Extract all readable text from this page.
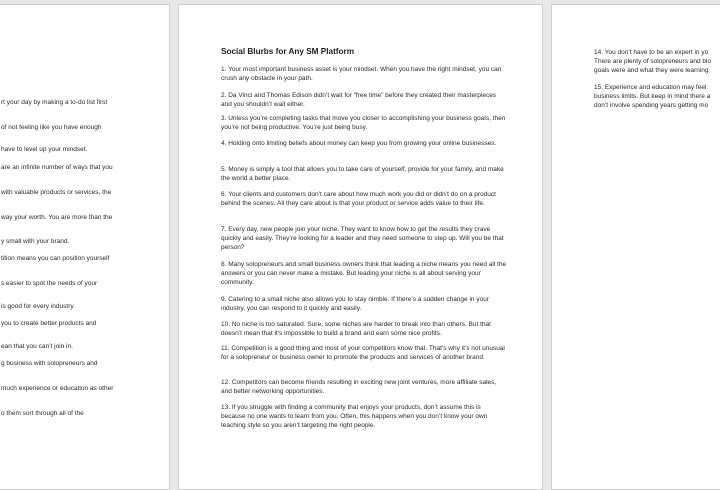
rt your day by making a to-do list first

of not feeling like you have enough

have to level up your mindset.

are an infinite number of ways that you

with valuable products or services, the

way your worth. You are more than the

y small with your brand.

tition means you can position yourself

s easier to spot the needs of your

is good for every industry.

you to create better products and

ean that you can’t join in.

g business with solopreneurs and

much experience or education as other

o them sort through all of the

Social Blurbs for Any SM Platform

1. Your most important business asset is your mindset. When you have the right mindset, you can crush any obstacle in your path.

2. Da Vinci and Thomas Edison didn’t wait for “free time” before they created their masterpieces and you shouldn’t wait either.

3. Unless you’re completing tasks that move you closer to accomplishing your business goals, then you’re not being productive. You’re just being busy.

4. Holding onto limiting beliefs about money can keep you from growing your online businesses.

5. Money is simply a tool that allows you to take care of yourself, provide for your family, and make the world a better place.

6. Your clients and customers don’t care about how much work you did or didn’t do on a product behind the scenes. All they care about is that your product or service adds value to their life.

7. Every day, new people join your niche. They want to know how to get the results they crave quickly and easily. They’re looking for a leader and they need someone to step up. Will you be that person?

8. Many solopreneurs and small business owners think that leading a niche means you need all the answers or you can never make a mistake. But leading your niche is all about serving your community.

9. Catering to a small niche also allows you to stay nimble. If there’s a sudden change in your industry, you can respond to it quickly and easily.

10. No niche is too saturated. Sure, some niches are harder to break into than others. But that doesn’t mean that it’s impossible to build a brand and earn some nice profits.

11. Competition is a good thing and most of your competitors know that. That’s why it’s not unusual for a solopreneur or business owner to promote the products and services of another brand.

12. Competitors can become friends resulting in exciting new joint ventures, more affiliate sales, and better networking opportunities.

13. If you struggle with finding a community that enjoys your products, don’t assume this is because no one wants to learn from you. Often, this happens when you don’t know your own teaching style so you aren’t targeting the right people.

14. You don’t have to be an expert in yo

There are plenty of solopreneurs and blo

goals were and what they were learning

15. Experience and education may feel

business limits. But keep in mind there a

don’t involve spending years getting mo
